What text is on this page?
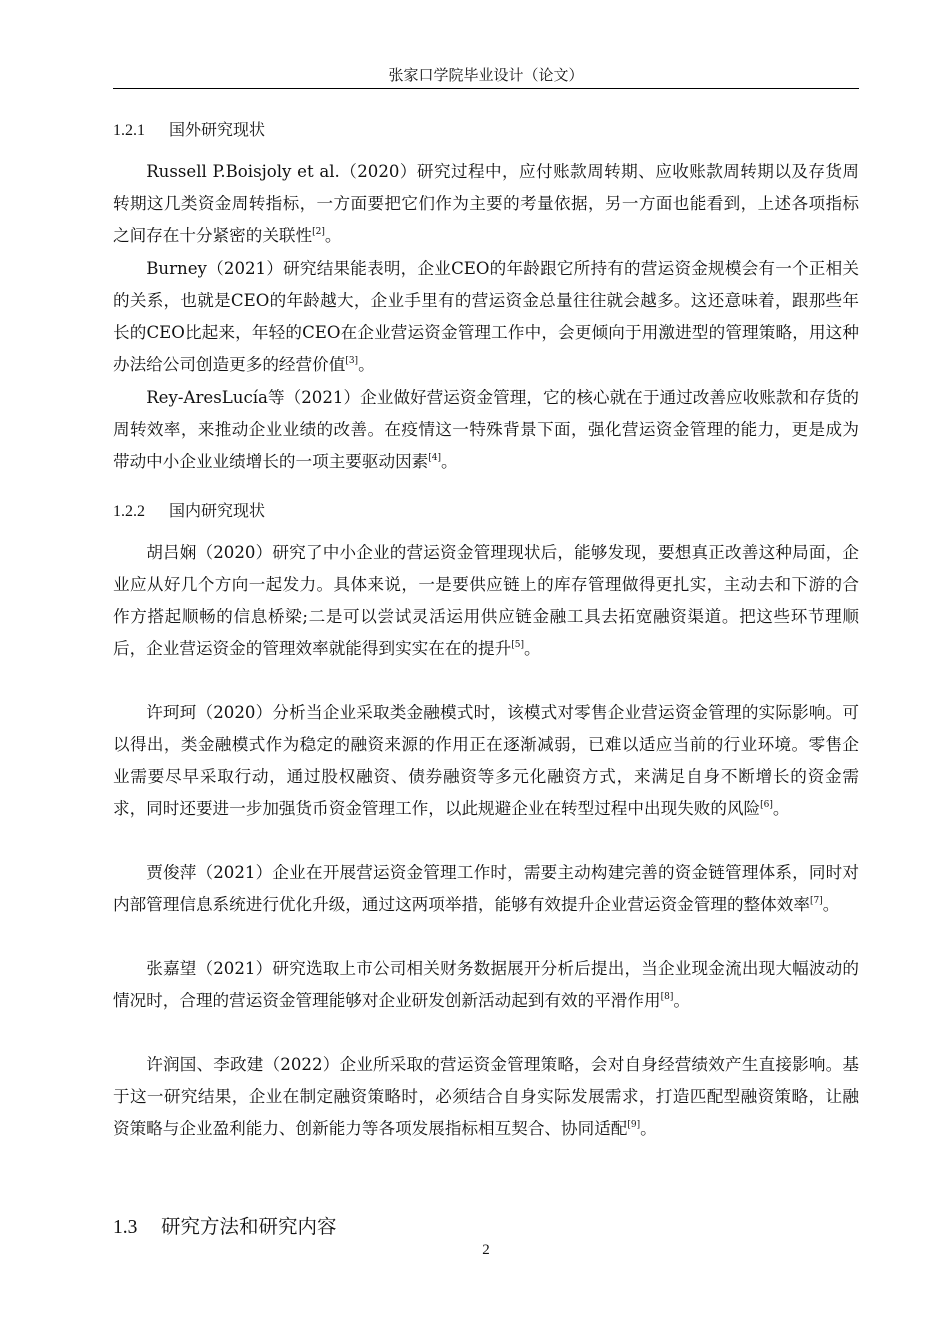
张家口学院毕业设计（论文）
1.2.1 国外研究现状
Russell P.Boisjoly et al.（2020）研究过程中，应付账款周转期、应收账款周转期以及存货周转期这几类资金周转指标，一方面要把它们作为主要的考量依据，另一方面也能看到，上述各项指标之间存在十分紧密的关联性[2]。
Burney（2021）研究结果能表明，企业CEO的年龄跟它所持有的营运资金规模会有一个正相关的关系，也就是CEO的年龄越大，企业手里有的营运资金总量往往就会越多。这还意味着，跟那些年长的CEO比起来，年轻的CEO在企业营运资金管理工作中，会更倾向于用激进型的管理策略，用这种办法给公司创造更多的经营价值[3]。
Rey-AresLucía等（2021）企业做好营运资金管理，它的核心就在于通过改善应收账款和存货的周转效率，来推动企业业绩的改善。在疫情这一特殊背景下面，强化营运资金管理的能力，更是成为带动中小企业业绩增长的一项主要驱动因素[4]。
1.2.2 国内研究现状
胡吕娴（2020）研究了中小企业的营运资金管理现状后，能够发现，要想真正改善这种局面，企业应从好几个方向一起发力。具体来说，一是要供应链上的库存管理做得更扎实，主动去和下游的合作方搭起顺畅的信息桥梁;二是可以尝试灵活运用供应链金融工具去拓宽融资渠道。把这些环节理顺后，企业营运资金的管理效率就能得到实实在在的提升[5]。
许珂珂（2020）分析当企业采取类金融模式时，该模式对零售企业营运资金管理的实际影响。可以得出，类金融模式作为稳定的融资来源的作用正在逐渐减弱，已难以适应当前的行业环境。零售企业需要尽早采取行动，通过股权融资、债券融资等多元化融资方式，来满足自身不断增长的资金需求，同时还要进一步加强货币资金管理工作，以此规避企业在转型过程中出现失败的风险[6]。
贾俊萍（2021）企业在开展营运资金管理工作时，需要主动构建完善的资金链管理体系，同时对内部管理信息系统进行优化升级，通过这两项举措，能够有效提升企业营运资金管理的整体效率[7]。
张嘉望（2021）研究选取上市公司相关财务数据展开分析后提出，当企业现金流出现大幅波动的情况时，合理的营运资金管理能够对企业研发创新活动起到有效的平滑作用[8]。
许润国、李政建（2022）企业所采取的营运资金管理策略，会对自身经营绩效产生直接影响。基于这一研究结果，企业在制定融资策略时，必须结合自身实际发展需求，打造匹配型融资策略，让融资策略与企业盈利能力、创新能力等各项发展指标相互契合、协同适配[9]。
1.3 研究方法和研究内容
2
